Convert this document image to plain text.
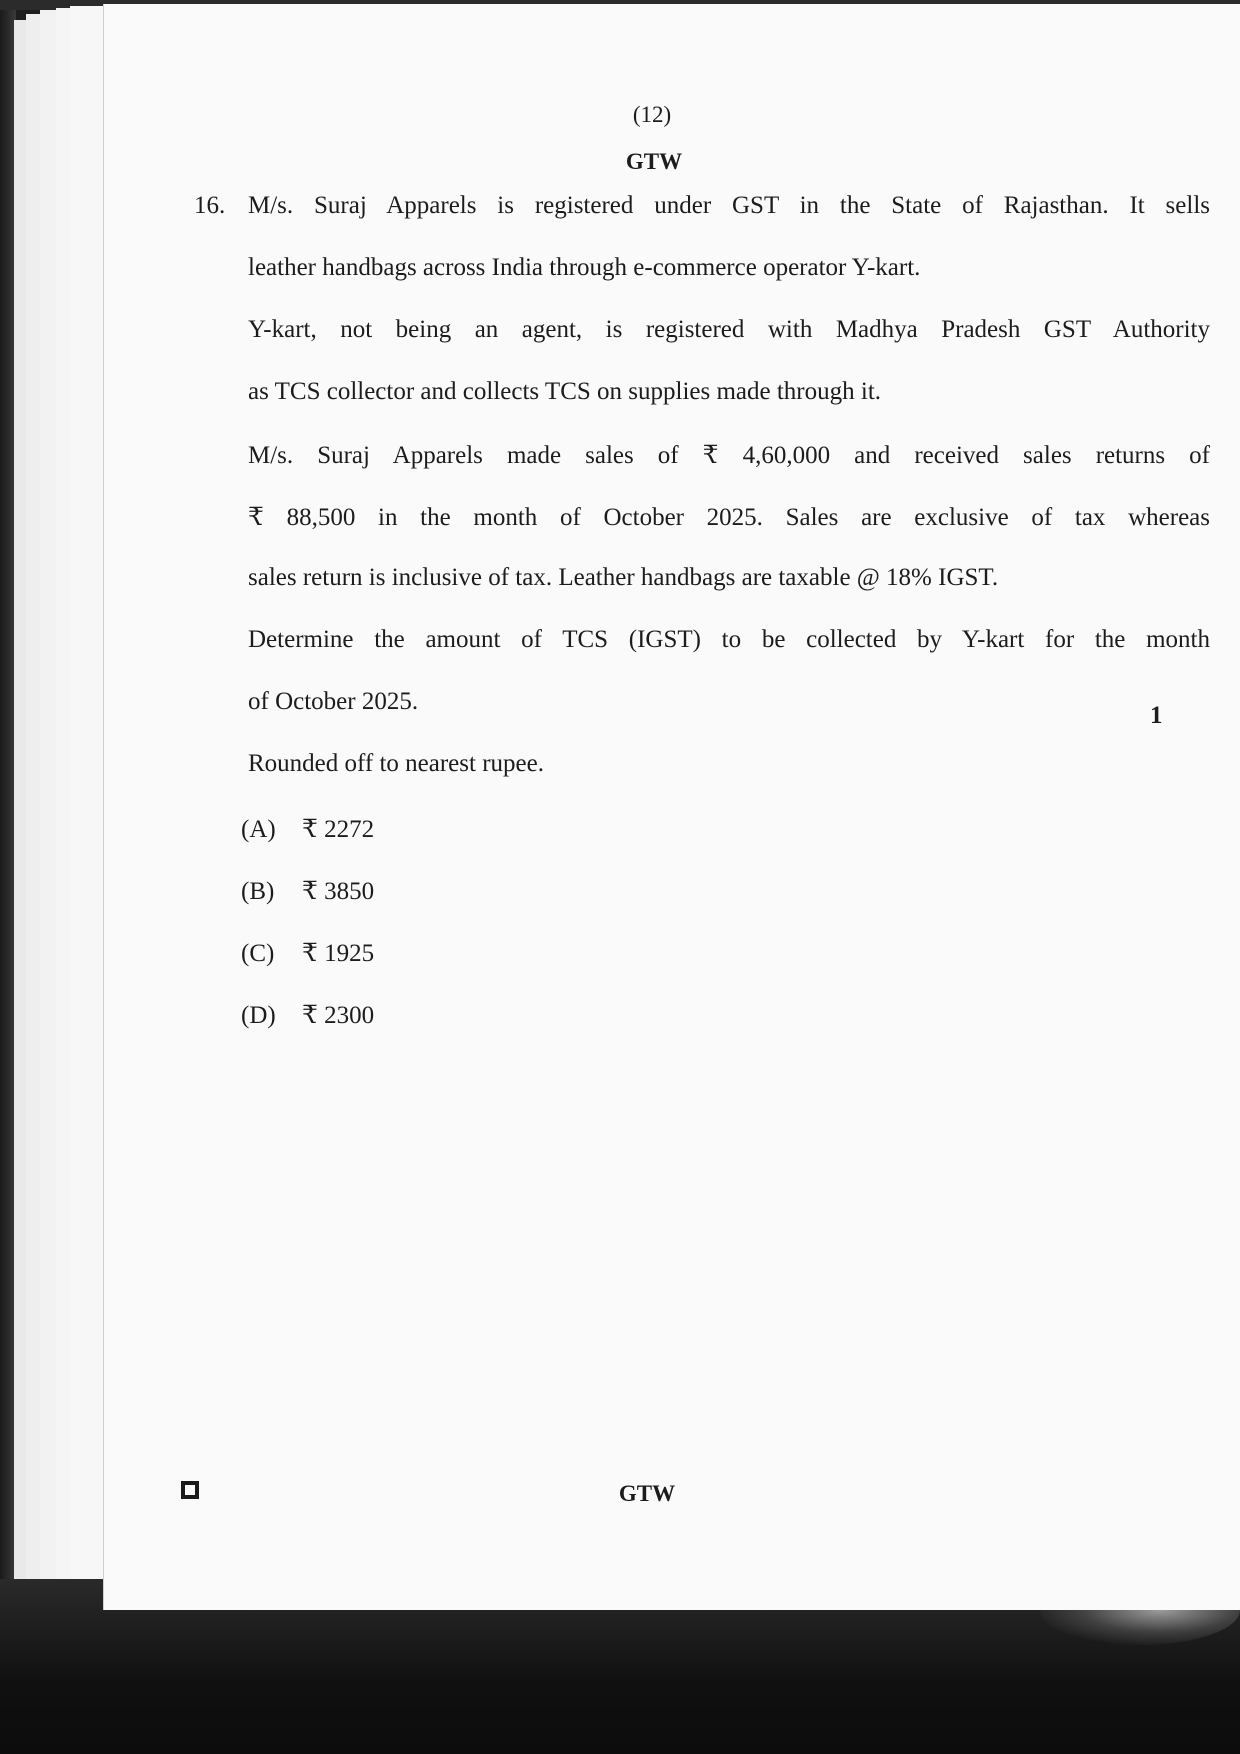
(12)
GTW
16. M/s. Suraj Apparels is registered under GST in the State of Rajasthan. It sells
leather handbags across India through e-commerce operator Y-kart.
Y-kart, not being an agent, is registered with Madhya Pradesh GST Authority
as TCS collector and collects TCS on supplies made through it.
M/s. Suraj Apparels made sales of ₹ 4,60,000 and received sales returns of
₹ 88,500 in the month of October 2025. Sales are exclusive of tax whereas
sales return is inclusive of tax. Leather handbags are taxable @ 18% IGST.
Determine the amount of TCS (IGST) to be collected by Y-kart for the month
of October 2025.
Rounded off to nearest rupee.
1
(A) ₹ 2272
(B) ₹ 3850
(C) ₹ 1925
(D) ₹ 2300
GTW
